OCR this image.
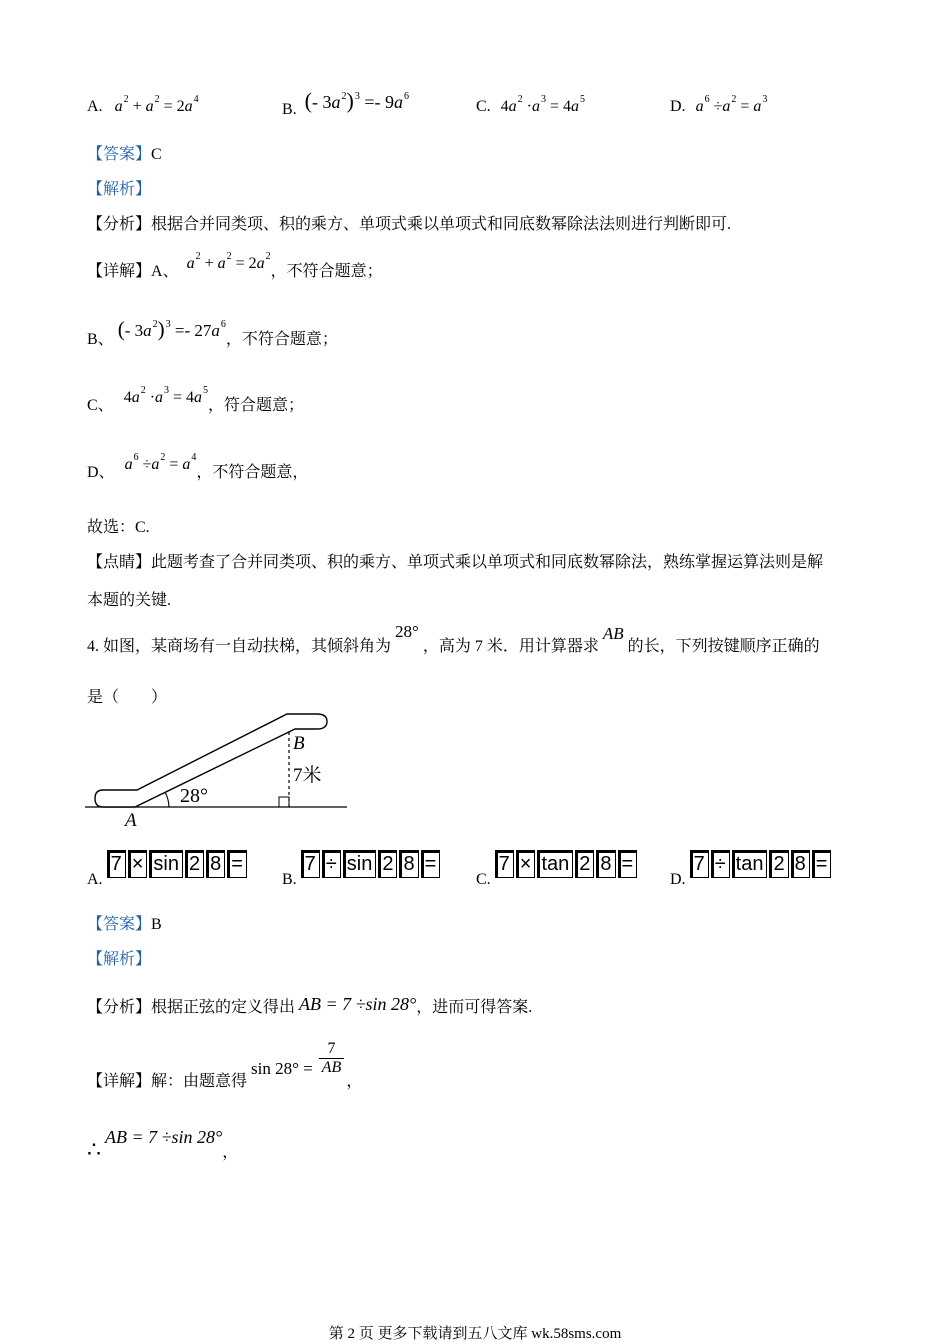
A. $a^2 + a^2 = 2a^4$
B. (- $3a^2)^3 =- 9a^6$
C. $4a^2 \cdot a^3 = 4a^5$	D. $a^6 \div a^2 = a^3$
【答案】C
【解析】
【分析】根据合并同类项、积的乘方、单项式乘以单项式和同底数幂除法法则进行判断即可.
【详解】A、 $a^2 + a^2 = 2a^2$，不符合题意；
B、 (- $3a^2)^3 =- 27a^6$，不符合题意；
C、 $4a^2 \cdot a^3 = 4a^5$，符合题意；
D、 $a^6 \div a^2 = a^4$，不符合题意，
故选：C.
【点睛】此题考查了合并同类项、积的乘方、单项式乘以单项式和同底数幂除法，熟练掌握运算法则是解
本题的关键.
4. 如图，某商场有一自动扶梯，其倾斜角为 28° ，高为 7 米．用计算器求 AB 的长，下列按键顺序正确的
是（　　）
28°
A
B
7米
A.
7 × sin 2 8 =
B.
7 ÷ sin 2 8 =
C.
7 × tan 2 8 =
D.
7 ÷ tan 2 8 =
【答案】B
【解析】
【分析】根据正弦的定义得出 AB = 7 ÷sin 28°，进而可得答案.
【详解】解：由题意得 $\sin 28^\circ = \frac{7}{AB}$
，
∴ AB = 7 ÷sin 28°，
第 2 页 更多下载请到五八文库 wk.58sms.com
